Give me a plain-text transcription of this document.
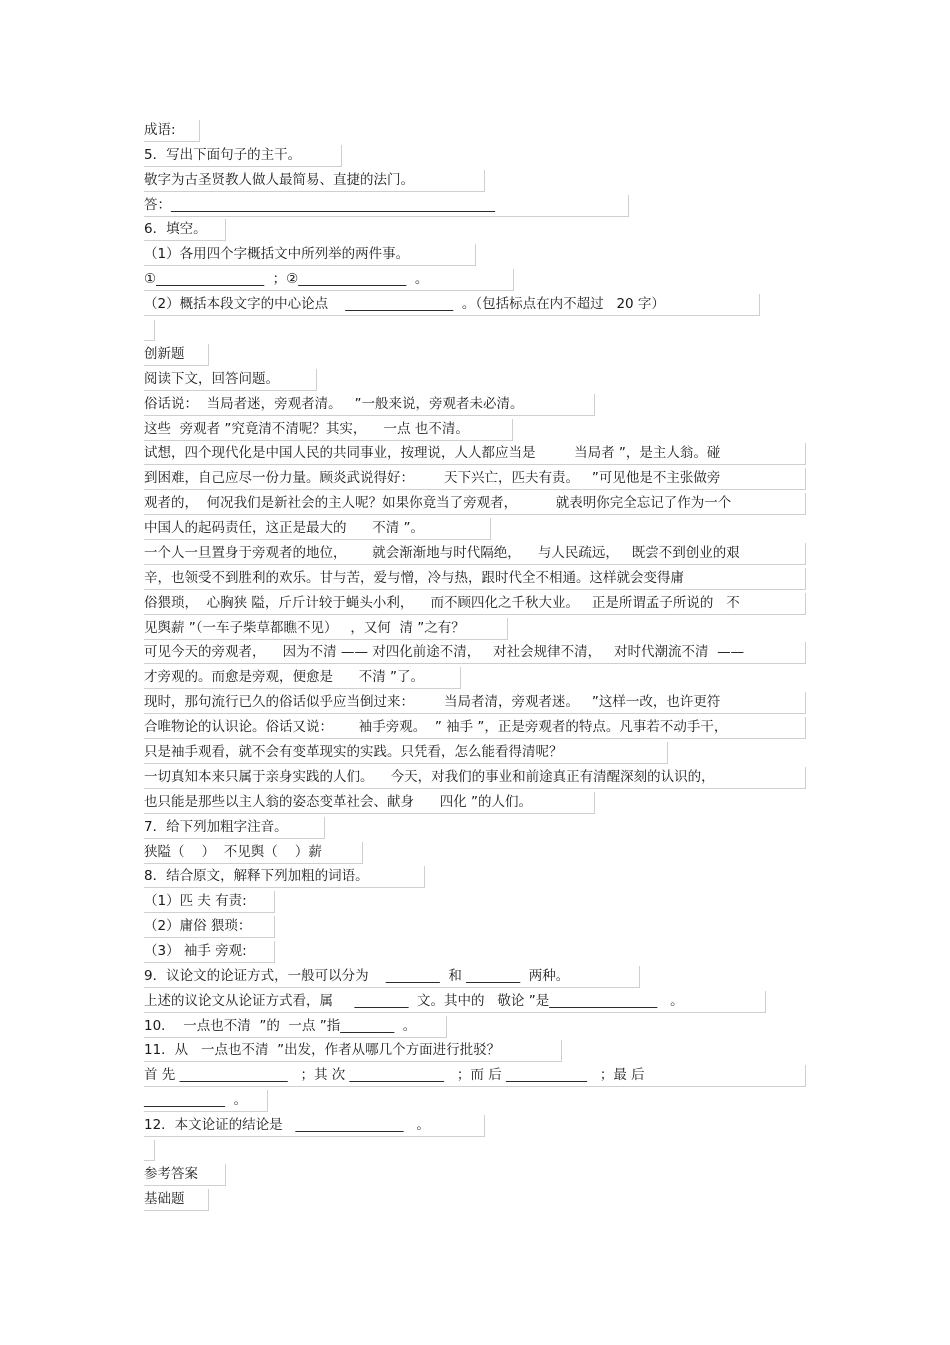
成语:
5．写出下面句子的主干。
敬字为古圣贤教人做人最简易、直捷的法门。
答：________________________________________________
6．填空。
（1）各用四个字概括文中所列举的两件事。
①________________  ；②________________  。
（2）概括本段文字的中心论点    ________________  。（包括标点在内不超过   20 字）
创新题
阅读下文，回答问题。
俗话说：  当局者迷，旁观者清。   ”一般来说，旁观者未必清。
这些  旁观者 ”究竟清不清呢？其实，    一点 也不清。
试想，四个现代化是中国人民的共同事业，按理说，人人都应当是         当局者 ”，是主人翁。碰
到困难，自己应尽一份力量。顾炎武说得好：       天下兴亡，匹夫有责。   ”可见他是不主张做旁
观者的，  何况我们是新社会的主人呢？如果你竟当了旁观者，         就表明你完全忘记了作为一个
中国人的起码责任，这正是最大的      不清 ”。
一个人一旦置身于旁观者的地位，      就会渐渐地与时代隔绝，    与人民疏远，   既尝不到创业的艰
辛，也领受不到胜利的欢乐。甘与苦，爱与憎，冷与热，跟时代全不相通。这样就会变得庸
俗猥琐，  心胸狭 隘，斤斤计较于蝇头小利，    而不顾四化之千秋大业。   正是所谓孟子所说的   不
见舆薪 ”（一车子柴草都瞧不见）   ，又何  清 ”之有？
可见今天的旁观者，    因为不清 —— 对四化前途不清，   对社会规律不清，   对时代潮流不清  ——
才旁观的。而愈是旁观，便愈是      不清 ”了。
现时，那句流行已久的俗话似乎应当倒过来：       当局者清，旁观者迷。   ”这样一改，也许更符
合唯物论的认识论。俗话又说：      袖手旁观。  ” 袖手 ”，正是旁观者的特点。凡事若不动手干，
只是袖手观看，就不会有变革现实的实践。只凭看，怎么能看得清呢？
一切真知本来只属于亲身实践的人们。    今天，对我们的事业和前途真正有清醒深刻的认识的，
也只能是那些以主人翁的姿态变革社会、献身      四化 ”的人们。
7．给下列加粗字注音。
狭隘（    ）  不见舆（    ）薪
8．结合原文，解释下列加粗的词语。
（1）匹 夫 有责:
（2）庸俗 猥琐：
（3） 袖手 旁观:
9．议论文的论证方式，一般可以分为    ________  和 ________  两种。
上述的议论文从论证方式看，属     ________  文。其中的   敬论 ”是________________   。
10．  一点也不清  ”的  一点 ”指________  。
11．从   一点也不清  ”出发，作者从哪几个方面进行批驳？
首 先 ________________   ；其 次 ______________   ；而 后 ____________   ；最 后
____________  。
12．本文论证的结论是   ________________   。
参考答案
基础题
